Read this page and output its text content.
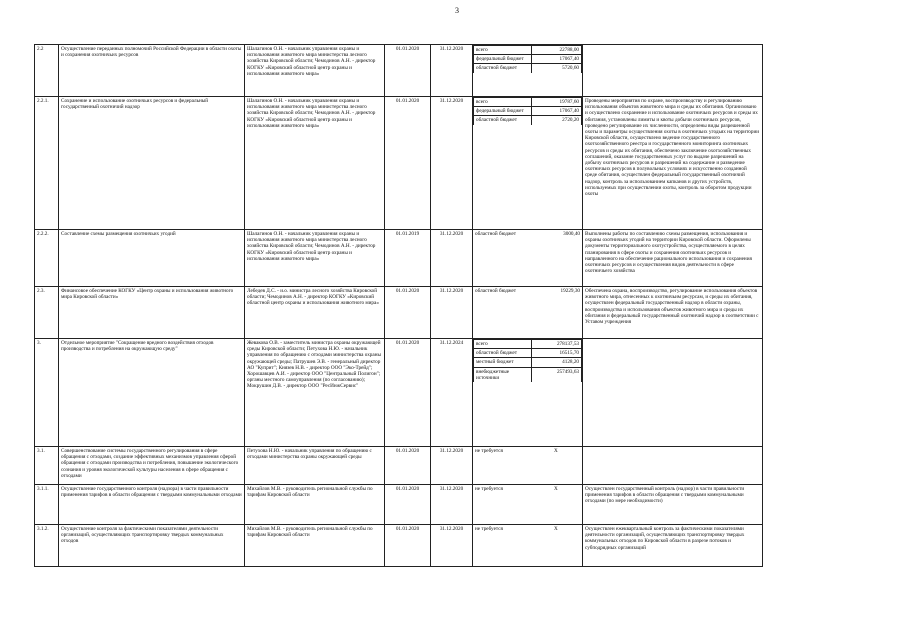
3
2.2	Осуществление переданных полномочий Российской Федерации в области охоты и сохранения охотничьих ресурсов	Шалагинов О.Н. - начальник управления охраны и использования животного мира министерства лесного хозяйства Кировской области; Чемодинов А.Н. - директор КОГКУ «Кировский областной центр охраны и использования животного мира»	01.01.2020	31.12.2020	всего	22788,00
федеральный бюджет	17067,40
областной бюджет	5720,60

2.2.1.	Сохранение и использование охотничьих ресурсов и федеральный государственный охотничий надзор	Шалагинов О.Н. - начальник управления охраны и использования животного мира министерства лесного хозяйства Кировской области; Чемодинов А.Н. - директор КОГКУ «Кировский областной центр охраны и использования животного мира»	01.01.2020	31.12.2020	всего	19787,60
федеральный бюджет	17067,40
областной бюджет	2720,20
	Проведены мероприятия по охране, воспроизводству и регулированию использования объектов животного мира и среды их обитания. Организовано и осуществлено сохранение и использование охотничьих ресурсов и среды их обитания, установлены лимиты и квоты добычи охотничьих ресурсов, проведено регулирование их численности, определены виды разрешенной охоты и параметры осуществления охоты в охотничьих угодьях на территории Кировской области, осуществлено ведение государственного охотхозяйственного реестра и государственного мониторинга охотничьих ресурсов и среды их обитания, обеспечено заключение охотхозяйственных соглашений, оказание государственных услуг по выдаче разрешений на добычу охотничьих ресурсов и разрешений на содержание и разведение охотничьих ресурсов в полувольных условиях и искусственно созданной среде обитания, осуществлен федеральный государственный охотничий надзор, контроль за использованием капканов и других устройств, используемых при осуществлении охоты, контроль за оборотом продукции охоты
2.2.2.	Составление схемы размещения охотничьих угодий	Шалагинов О.Н. - начальник управления охраны и использования животного мира министерства лесного хозяйства Кировской области; Чемодинов А.Н. - директор КОГКУ «Кировский областной центр охраны и использования животного мира»	01.01.2019	31.12.2020	областной бюджет	3000,40	Выполнены работы по составлению схемы размещения, использования и охраны охотничьих угодий на территории Кировской области. Оформлены документы территориального охотустройства, осуществляемого в целях планирования в сфере охоты и сохранения охотничьих ресурсов и направленного на обеспечение рационального использования и сохранения охотничьих ресурсов и осуществления видов деятельности в сфере охотничьего хозяйства
2.3.	Финансовое обеспечение КОГКУ «Центр охраны и использования животного мира Кировской области»	Лебедев Д.С. - и.о. министра лесного хозяйства Кировской области; Чемодинов А.Н. - директор КОГКУ «Кировский областной центр охраны и использования животного мира»	01.01.2020	31.12.2020	областной бюджет	19229,30	Обеспечена охрана, воспроизводство, регулирование использования объектов животного мира, отнесенных к охотничьим ресурсам, и среды их обитания, осуществлен федеральный государственный надзор в области охраны, воспроизводства и использования объектов животного мира и среды их обитания и федеральный государственный охотничий надзор в соответствии с Уставом учреждения
3.	Отдельное мероприятие "Сокращение вредного воздействия отходов производства и потребления на окружающую среду"	Жевакова О.В. - заместитель министра охраны окружающей среды Кировской области; Петухова Н.Ю. - начальник управления по обращению с отходами министерства охраны окружающей среды; Патрушев Э.В. - генеральный директор АО "Куприт"; Князев Н.В. - директор ООО "Эко-Трейд"; Хорошавцев А.И. - директор ООО "Центральный Полигон"; органы местного самоуправления (по согласованию); Мокрушин Д.В. - директор ООО "РесИнжСервис"	01.01.2020	31.12.2024	всего	278137,53
областной бюджет	16515,70
местный бюджет	4128,20
внебюджетные источники	257493,63

3.1.	Совершенствование системы государственного регулирования в сфере обращения с отходами, создание эффективных механизмов управления сферой обращения с отходами производства и потребления, повышение экологического сознания и уровня экологической культуры населения в сфере обращения с отходами	Петухова Н.Ю. - начальник управления по обращению с отходами министерства охраны окружающей среды	01.01.2020	31.12.2020	не требуется	X

3.1.1.	Осуществление государственного контроля (надзора) в части правильности применения тарифов в области обращения с твердыми коммунальными отходами	Михайлов М.В. - руководитель региональной службы по тарифам Кировской области	01.01.2020	31.12.2020	не требуется	X	Осуществлен государственный контроль (надзор) в части правильности применения тарифов в области обращения с твердыми коммунальными отходами (по мере необходимости)
3.1.2.	Осуществление контроля за фактическими показателями деятельности организаций, осуществляющих транспортировку твердых коммунальных отходов	Михайлов М.В. - руководитель региональной службы по тарифам Кировской области	01.01.2020	31.12.2020	не требуется	X	Осуществлен ежеквартальный контроль за фактическими показателями деятельности организаций, осуществляющих транспортировку твердых коммунальных отходов по Кировской области в разрезе потоков и субподрядных организаций
